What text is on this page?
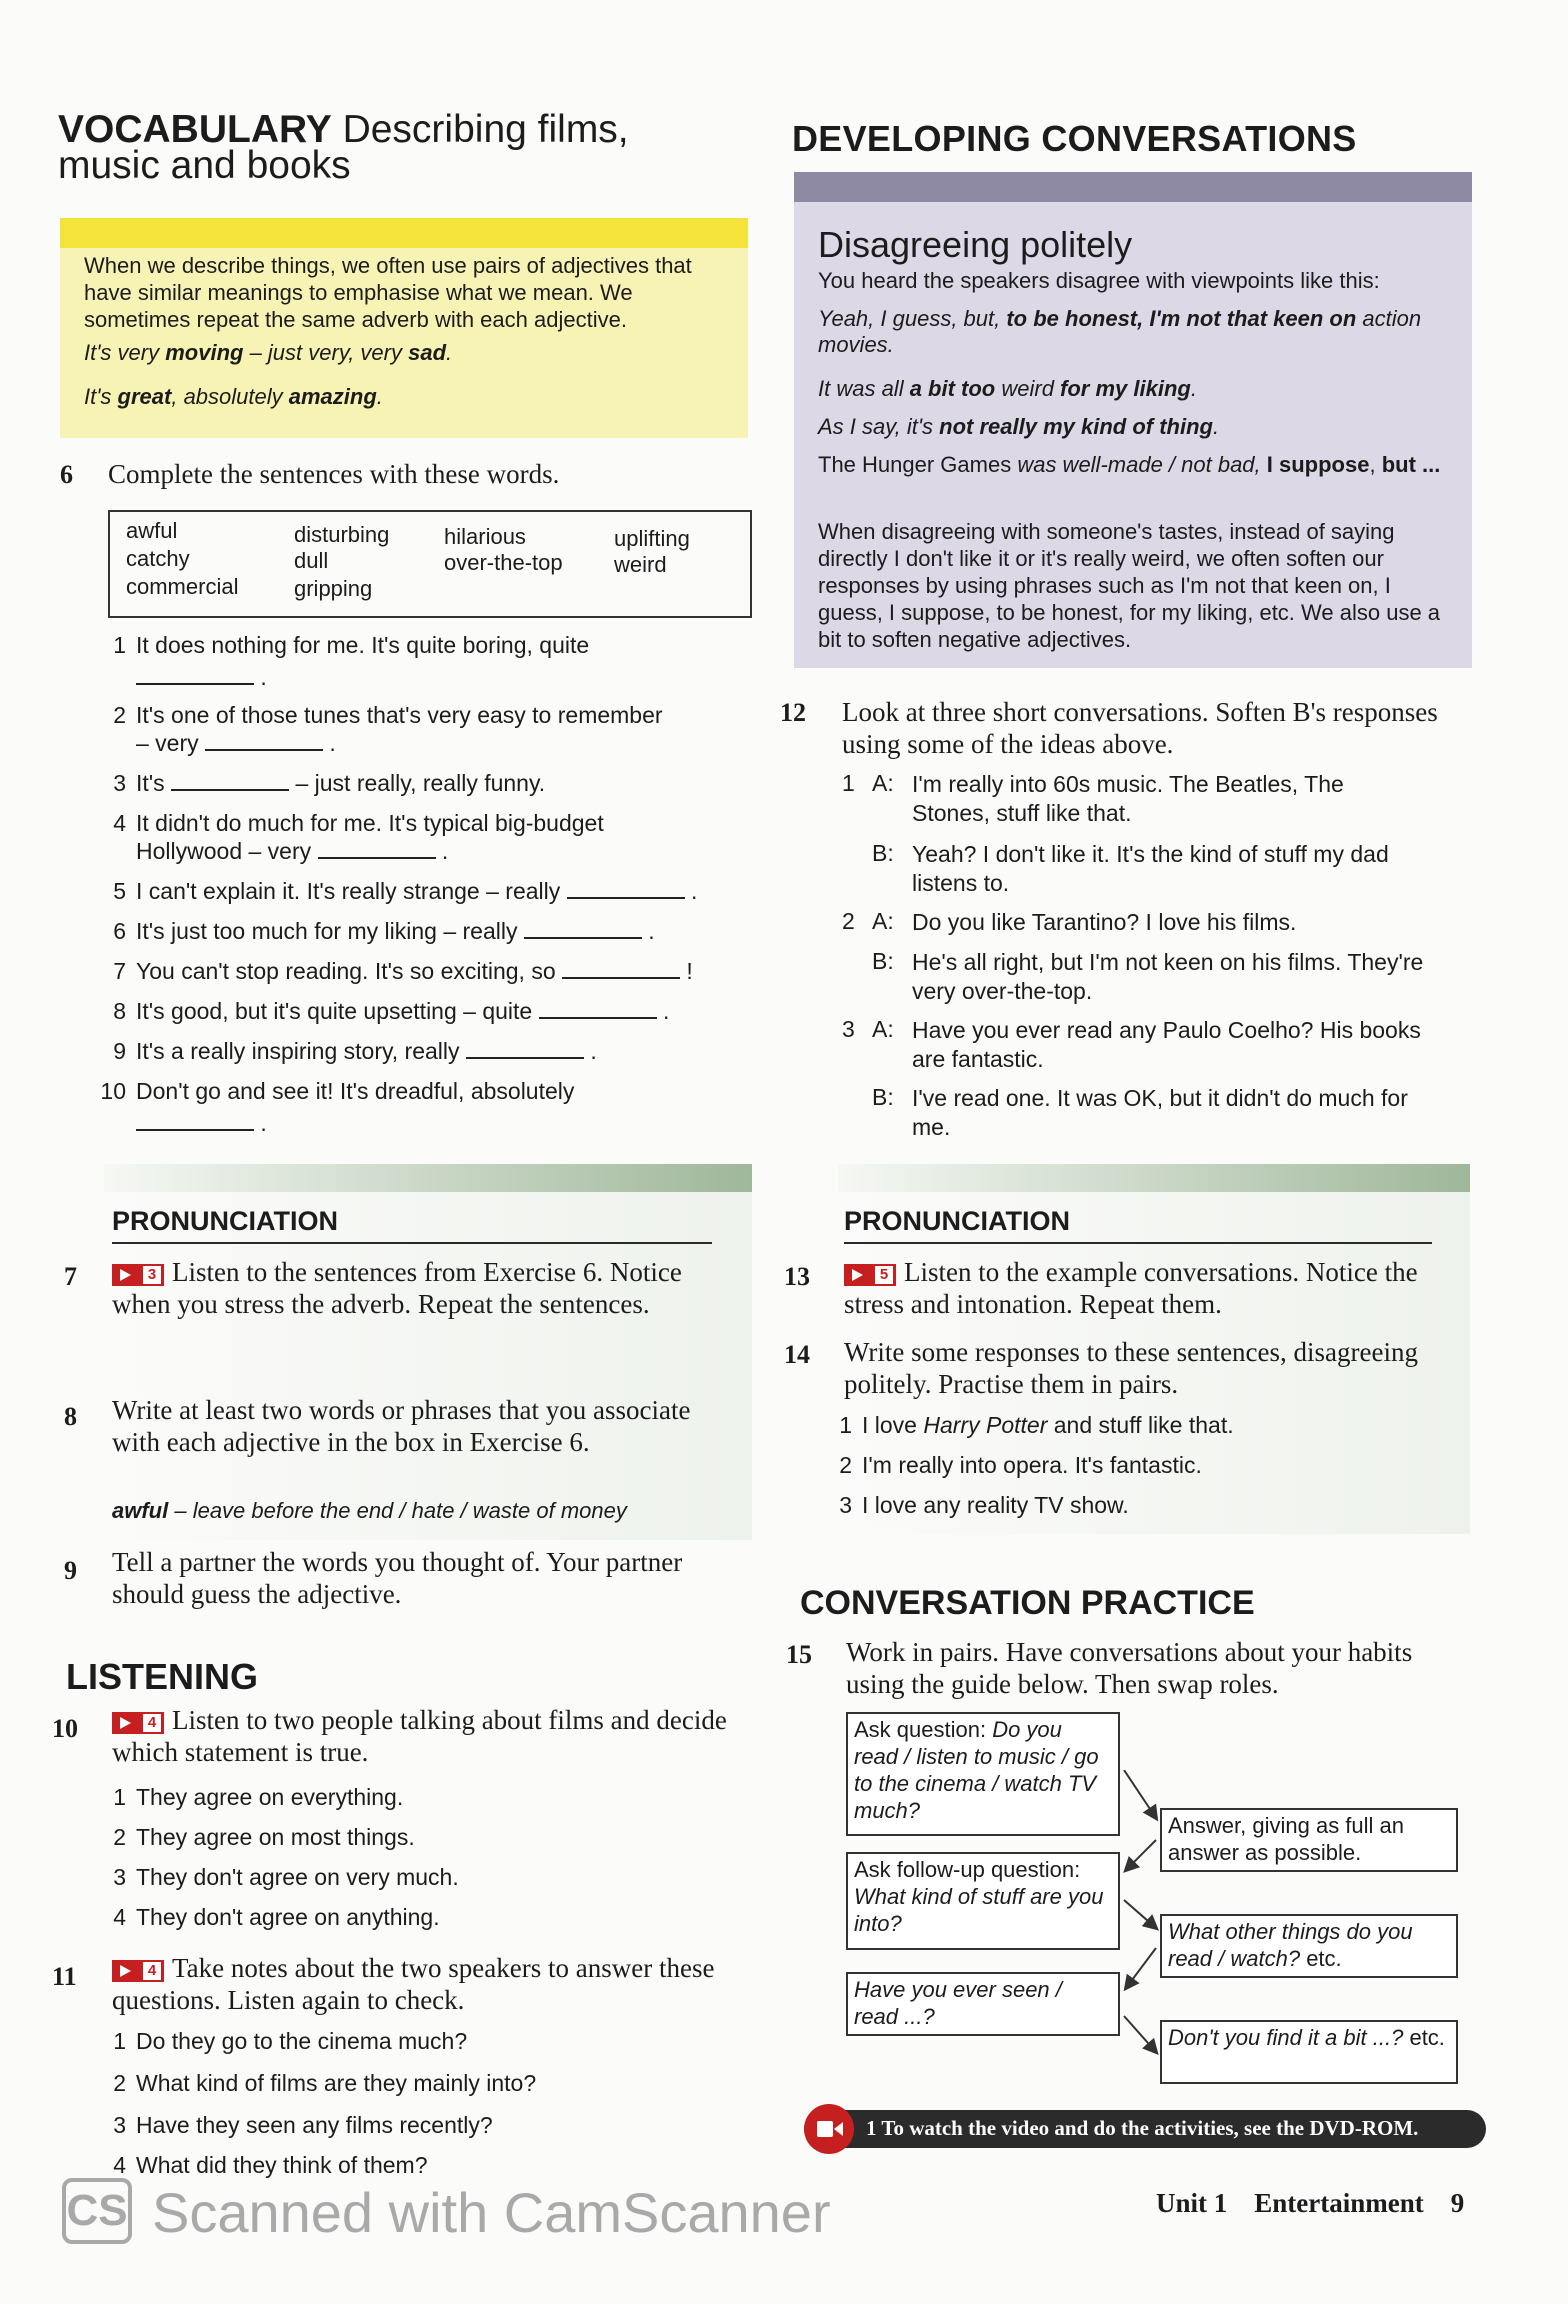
VOCABULARY Describing films, music and books
When we describe things, we often use pairs of adjectives that have similar meanings to emphasise what we mean. We sometimes repeat the same adverb with each adjective.
It's very moving – just very, very sad.
It's great, absolutely amazing.
6 Complete the sentences with these words.
awful
catchy
commercial
disturbing
dull
gripping
hilarious
over-the-top
uplifting
weird
1 It does nothing for me. It's quite boring, quite
.
2 It's one of those tunes that's very easy to remember
– very	.
3 It's	– just really, really funny.
4 It didn't do much for me. It's typical big-budget
Hollywood – very	.
5 I can't explain it. It's really strange – really	.
6 It's just too much for my liking – really	.
7 You can't stop reading. It's so exciting, so	!
8 It's good, but it's quite upsetting – quite	.
9 It's a really inspiring story, really	.
10 Don't go and see it! It's dreadful, absolutely
.
PRONUNCIATION
7	3 Listen to the sentences from Exercise 6. Notice when you stress the adverb. Repeat the sentences.
8 Write at least two words or phrases that you associate with each adjective in the box in Exercise 6.
awful – leave before the end / hate / waste of money
9 Tell a partner the words you thought of. Your partner should guess the adjective.
LISTENING
10	4 Listen to two people talking about films and decide which statement is true.
1 They agree on everything.
2 They agree on most things.
3 They don't agree on very much.
4 They don't agree on anything.
11	4 Take notes about the two speakers to answer these questions. Listen again to check.
1 Do they go to the cinema much?
2 What kind of films are they mainly into?
3 Have they seen any films recently?
4 What did they think of them?
DEVELOPING CONVERSATIONS
Disagreeing politely
You heard the speakers disagree with viewpoints like this:
Yeah, I guess, but, to be honest, I'm not that keen on action movies.
It was all a bit too weird for my liking.
As I say, it's not really my kind of thing.
The Hunger Games was well-made / not bad, I suppose, but ...
When disagreeing with someone's tastes, instead of saying directly I don't like it or it's really weird, we often soften our responses by using phrases such as I'm not that keen on, I guess, I suppose, to be honest, for my liking, etc. We also use a bit to soften negative adjectives.
12 Look at three short conversations. Soften B's responses using some of the ideas above.
1 A: I'm really into 60s music. The Beatles, The Stones, stuff like that.
B: Yeah? I don't like it. It's the kind of stuff my dad listens to.
2 A: Do you like Tarantino? I love his films.
B: He's all right, but I'm not keen on his films. They're very over-the-top.
3 A: Have you ever read any Paulo Coelho? His books are fantastic.
B: I've read one. It was OK, but it didn't do much for me.
PRONUNCIATION
13	5 Listen to the example conversations. Notice the stress and intonation. Repeat them.
14 Write some responses to these sentences, disagreeing politely. Practise them in pairs.
1 I love Harry Potter and stuff like that.
2 I'm really into opera. It's fantastic.
3 I love any reality TV show.
CONVERSATION PRACTICE
15 Work in pairs. Have conversations about your habits using the guide below. Then swap roles.
Ask question: Do you read / listen to music / go to the cinema / watch TV much?
Answer, giving as full an answer as possible.
Ask follow-up question: What kind of stuff are you into?	What other things do you read / watch? etc.
Have you ever seen / read ...?
Don't you find it a bit ...? etc.
1 To watch the video and do the activities, see the DVD-ROM.
Unit 1 Entertainment 9
CS Scanned with CamScanner
